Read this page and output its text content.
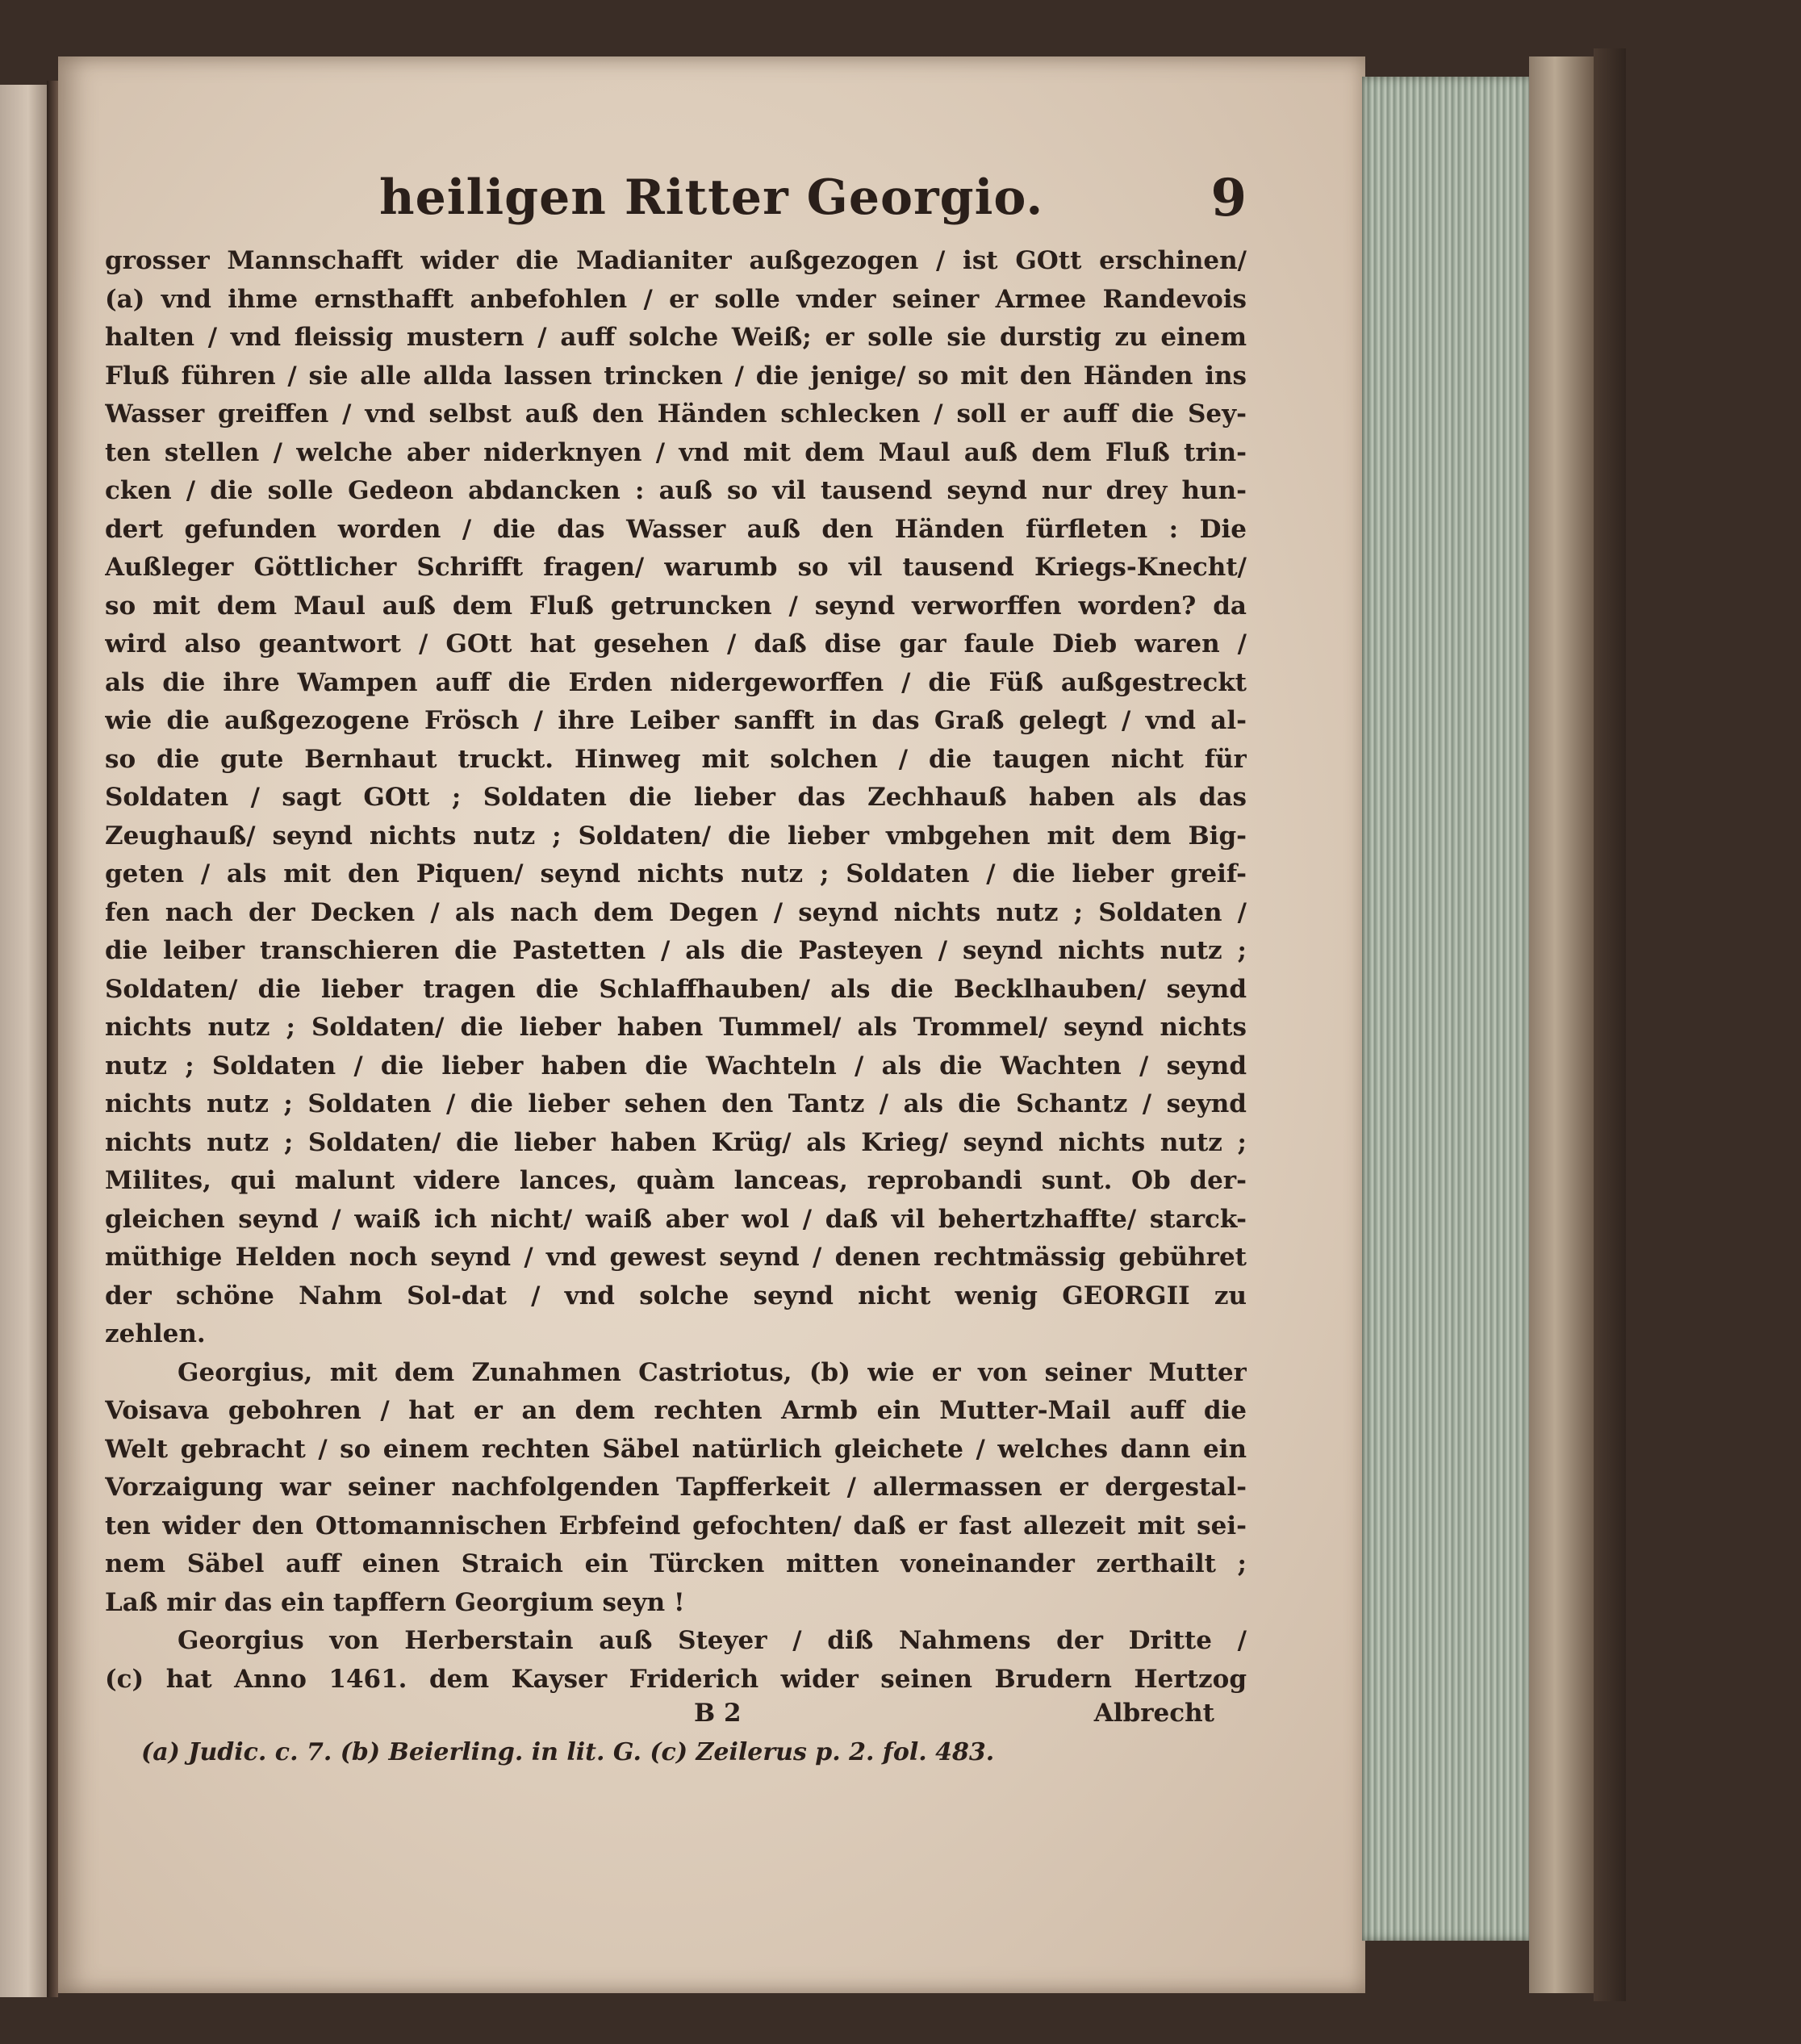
heiligen Ritter Georgio.	9
grosser Mannschafft wider die Madianiter außgezogen / ist GOtt erschinen/
(a) vnd ihme ernsthafft anbefohlen / er solle vnder seiner Armee Randevois
halten / vnd fleissig mustern / auff solche Weiß; er solle sie durstig zu einem
Fluß führen / sie alle allda lassen trincken / die jenige/ so mit den Händen ins
Wasser greiffen / vnd selbst auß den Händen schlecken / soll er auff die Sey-
ten stellen / welche aber niderknyen / vnd mit dem Maul auß dem Fluß trin-
cken / die solle Gedeon abdancken : auß so vil tausend seynd nur drey hun-
dert gefunden worden / die das Wasser auß den Händen fürfleten : Die
Außleger Göttlicher Schrifft fragen/ warumb so vil tausend Kriegs-Knecht/
so mit dem Maul auß dem Fluß getruncken / seynd verworffen worden? da
wird also geantwort / GOtt hat gesehen / daß dise gar faule Dieb waren /
als die ihre Wampen auff die Erden nidergeworffen / die Füß außgestreckt
wie die außgezogene Frösch / ihre Leiber sanfft in das Graß gelegt / vnd al-
so die gute Bernhaut truckt. Hinweg mit solchen / die taugen nicht für
Soldaten / sagt GOtt ; Soldaten die lieber das Zechhauß haben als das
Zeughauß/ seynd nichts nutz ; Soldaten/ die lieber vmbgehen mit dem Big-
geten / als mit den Piquen/ seynd nichts nutz ; Soldaten / die lieber greif-
fen nach der Decken / als nach dem Degen / seynd nichts nutz ; Soldaten /
die leiber transchieren die Pastetten / als die Pasteyen / seynd nichts nutz ;
Soldaten/ die lieber tragen die Schlaffhauben/ als die Becklhauben/ seynd
nichts nutz ; Soldaten/ die lieber haben Tummel/ als Trommel/ seynd nichts
nutz ; Soldaten / die lieber haben die Wachteln / als die Wachten / seynd
nichts nutz ; Soldaten / die lieber sehen den Tantz / als die Schantz / seynd
nichts nutz ; Soldaten/ die lieber haben Krüg/ als Krieg/ seynd nichts nutz ;
Milites, qui malunt videre lances, quàm lanceas, reprobandi sunt. Ob der-
gleichen seynd / waiß ich nicht/ waiß aber wol / daß vil behertzhaffte/ starck-
müthige Helden noch seynd / vnd gewest seynd / denen rechtmässig gebühret
der schöne Nahm Sol-dat / vnd solche seynd nicht wenig GEORGII zu
zehlen.
Georgius, mit dem Zunahmen Castriotus, (b) wie er von seiner Mutter
Voisava gebohren / hat er an dem rechten Armb ein Mutter-Mail auff die
Welt gebracht / so einem rechten Säbel natürlich gleichete / welches dann ein
Vorzaigung war seiner nachfolgenden Tapfferkeit / allermassen er dergestal-
ten wider den Ottomannischen Erbfeind gefochten/ daß er fast allezeit mit sei-
nem Säbel auff einen Straich ein Türcken mitten voneinander zerthailt ;
Laß mir das ein tapffern Georgium seyn !
Georgius von Herberstain auß Steyer / diß Nahmens der Dritte /
(c) hat Anno 1461. dem Kayser Friderich wider seinen Brudern Hertzog
B 2	Albrecht
(a) Judic. c. 7. (b) Beierling. in lit. G. (c) Zeilerus p. 2. fol. 483.
